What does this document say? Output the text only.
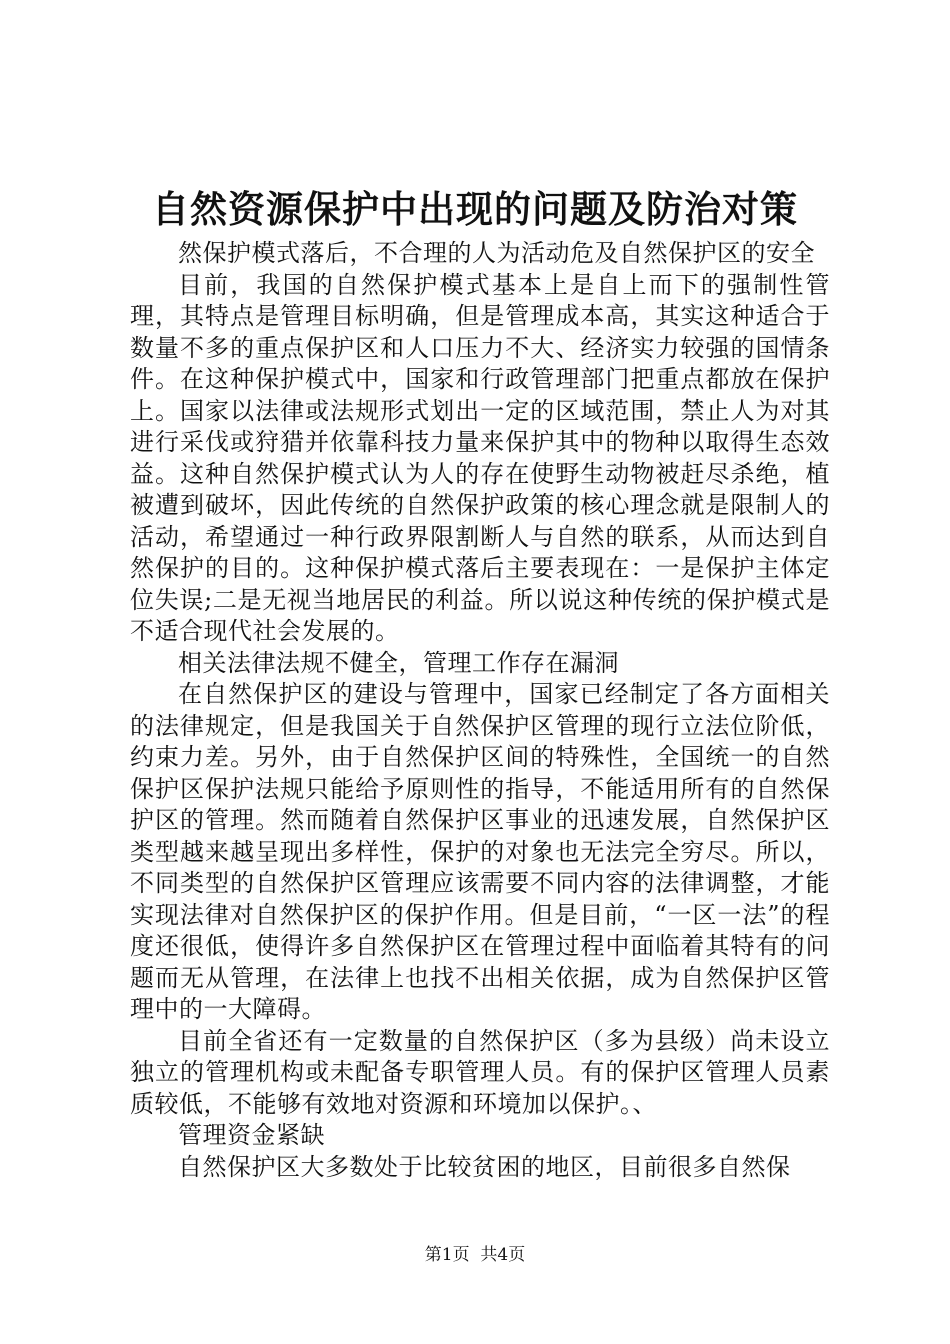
自然资源保护中出现的问题及防治对策

然保护模式落后，不合理的人为活动危及自然保护区的安全

目前，我国的自然保护模式基本上是自上而下的强制性管理，其特点是管理目标明确，但是管理成本高，其实这种适合于数量不多的重点保护区和人口压力不大、经济实力较强的国情条件。在这种保护模式中，国家和行政管理部门把重点都放在保护上。国家以法律或法规形式划出一定的区域范围，禁止人为对其进行采伐或狩猎并依靠科技力量来保护其中的物种以取得生态效益。这种自然保护模式认为人的存在使野生动物被赶尽杀绝，植被遭到破坏，因此传统的自然保护政策的核心理念就是限制人的活动，希望通过一种行政界限割断人与自然的联系，从而达到自然保护的目的。这种保护模式落后主要表现在：一是保护主体定位失误;二是无视当地居民的利益。所以说这种传统的保护模式是不适合现代社会发展的。

相关法律法规不健全，管理工作存在漏洞

在自然保护区的建设与管理中，国家已经制定了各方面相关的法律规定，但是我国关于自然保护区管理的现行立法位阶低，约束力差。另外，由于自然保护区间的特殊性，全国统一的自然保护区保护法规只能给予原则性的指导，不能适用所有的自然保护区的管理。然而随着自然保护区事业的迅速发展，自然保护区类型越来越呈现出多样性，保护的对象也无法完全穷尽。所以，不同类型的自然保护区管理应该需要不同内容的法律调整，才能实现法律对自然保护区的保护作用。但是目前，“一区一法”的程度还很低，使得许多自然保护区在管理过程中面临着其特有的问题而无从管理，在法律上也找不出相关依据，成为自然保护区管理中的一大障碍。

目前全省还有一定数量的自然保护区（多为县级）尚未设立独立的管理机构或未配备专职管理人员。有的保护区管理人员素质较低，不能够有效地对资源和环境加以保护。、

管理资金紧缺

自然保护区大多数处于比较贫困的地区，目前很多自然保

第1页 共4页
